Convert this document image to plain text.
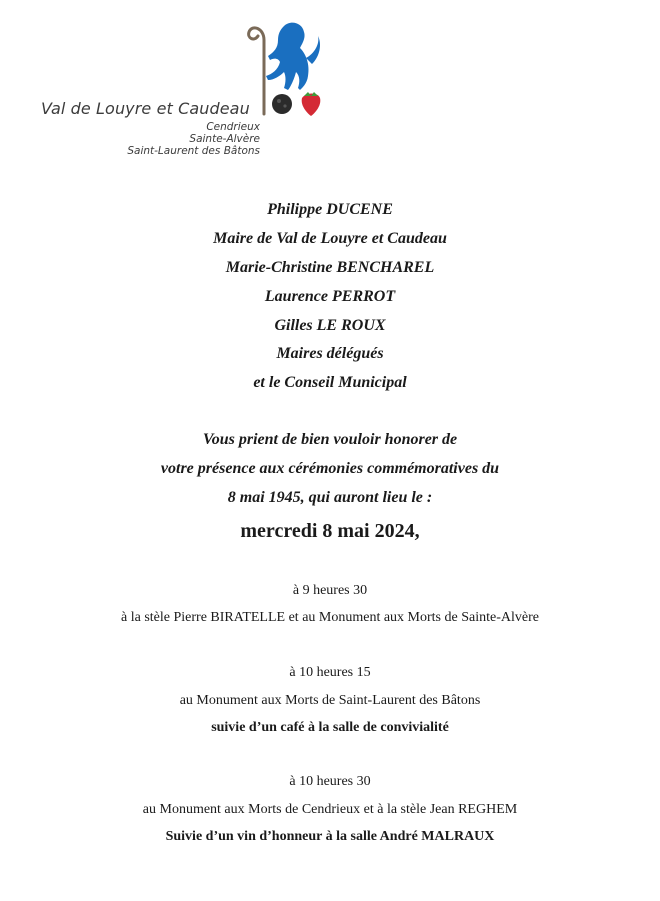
Val de Louyre et Caudeau
Cendrieux
Sainte-Alvère
Saint-Laurent des Bâtons
Philippe DUCENE
Maire de Val de Louyre et Caudeau
Marie-Christine BENCHAREL
Laurence PERROT
Gilles LE ROUX
Maires délégués
et le Conseil Municipal
Vous prient de bien vouloir honorer de
votre présence aux cérémonies commémoratives du
8 mai 1945, qui auront lieu le :
mercredi 8 mai 2024,
à 9 heures 30
à la stèle Pierre BIRATELLE et au Monument aux Morts de Sainte-Alvère
à 10 heures 15
au Monument aux Morts de Saint-Laurent des Bâtons
suivie d’un café à la salle de convivialité
à 10 heures 30
au Monument aux Morts de Cendrieux et à la stèle Jean REGHEM
Suivie d’un vin d’honneur à la salle André MALRAUX
